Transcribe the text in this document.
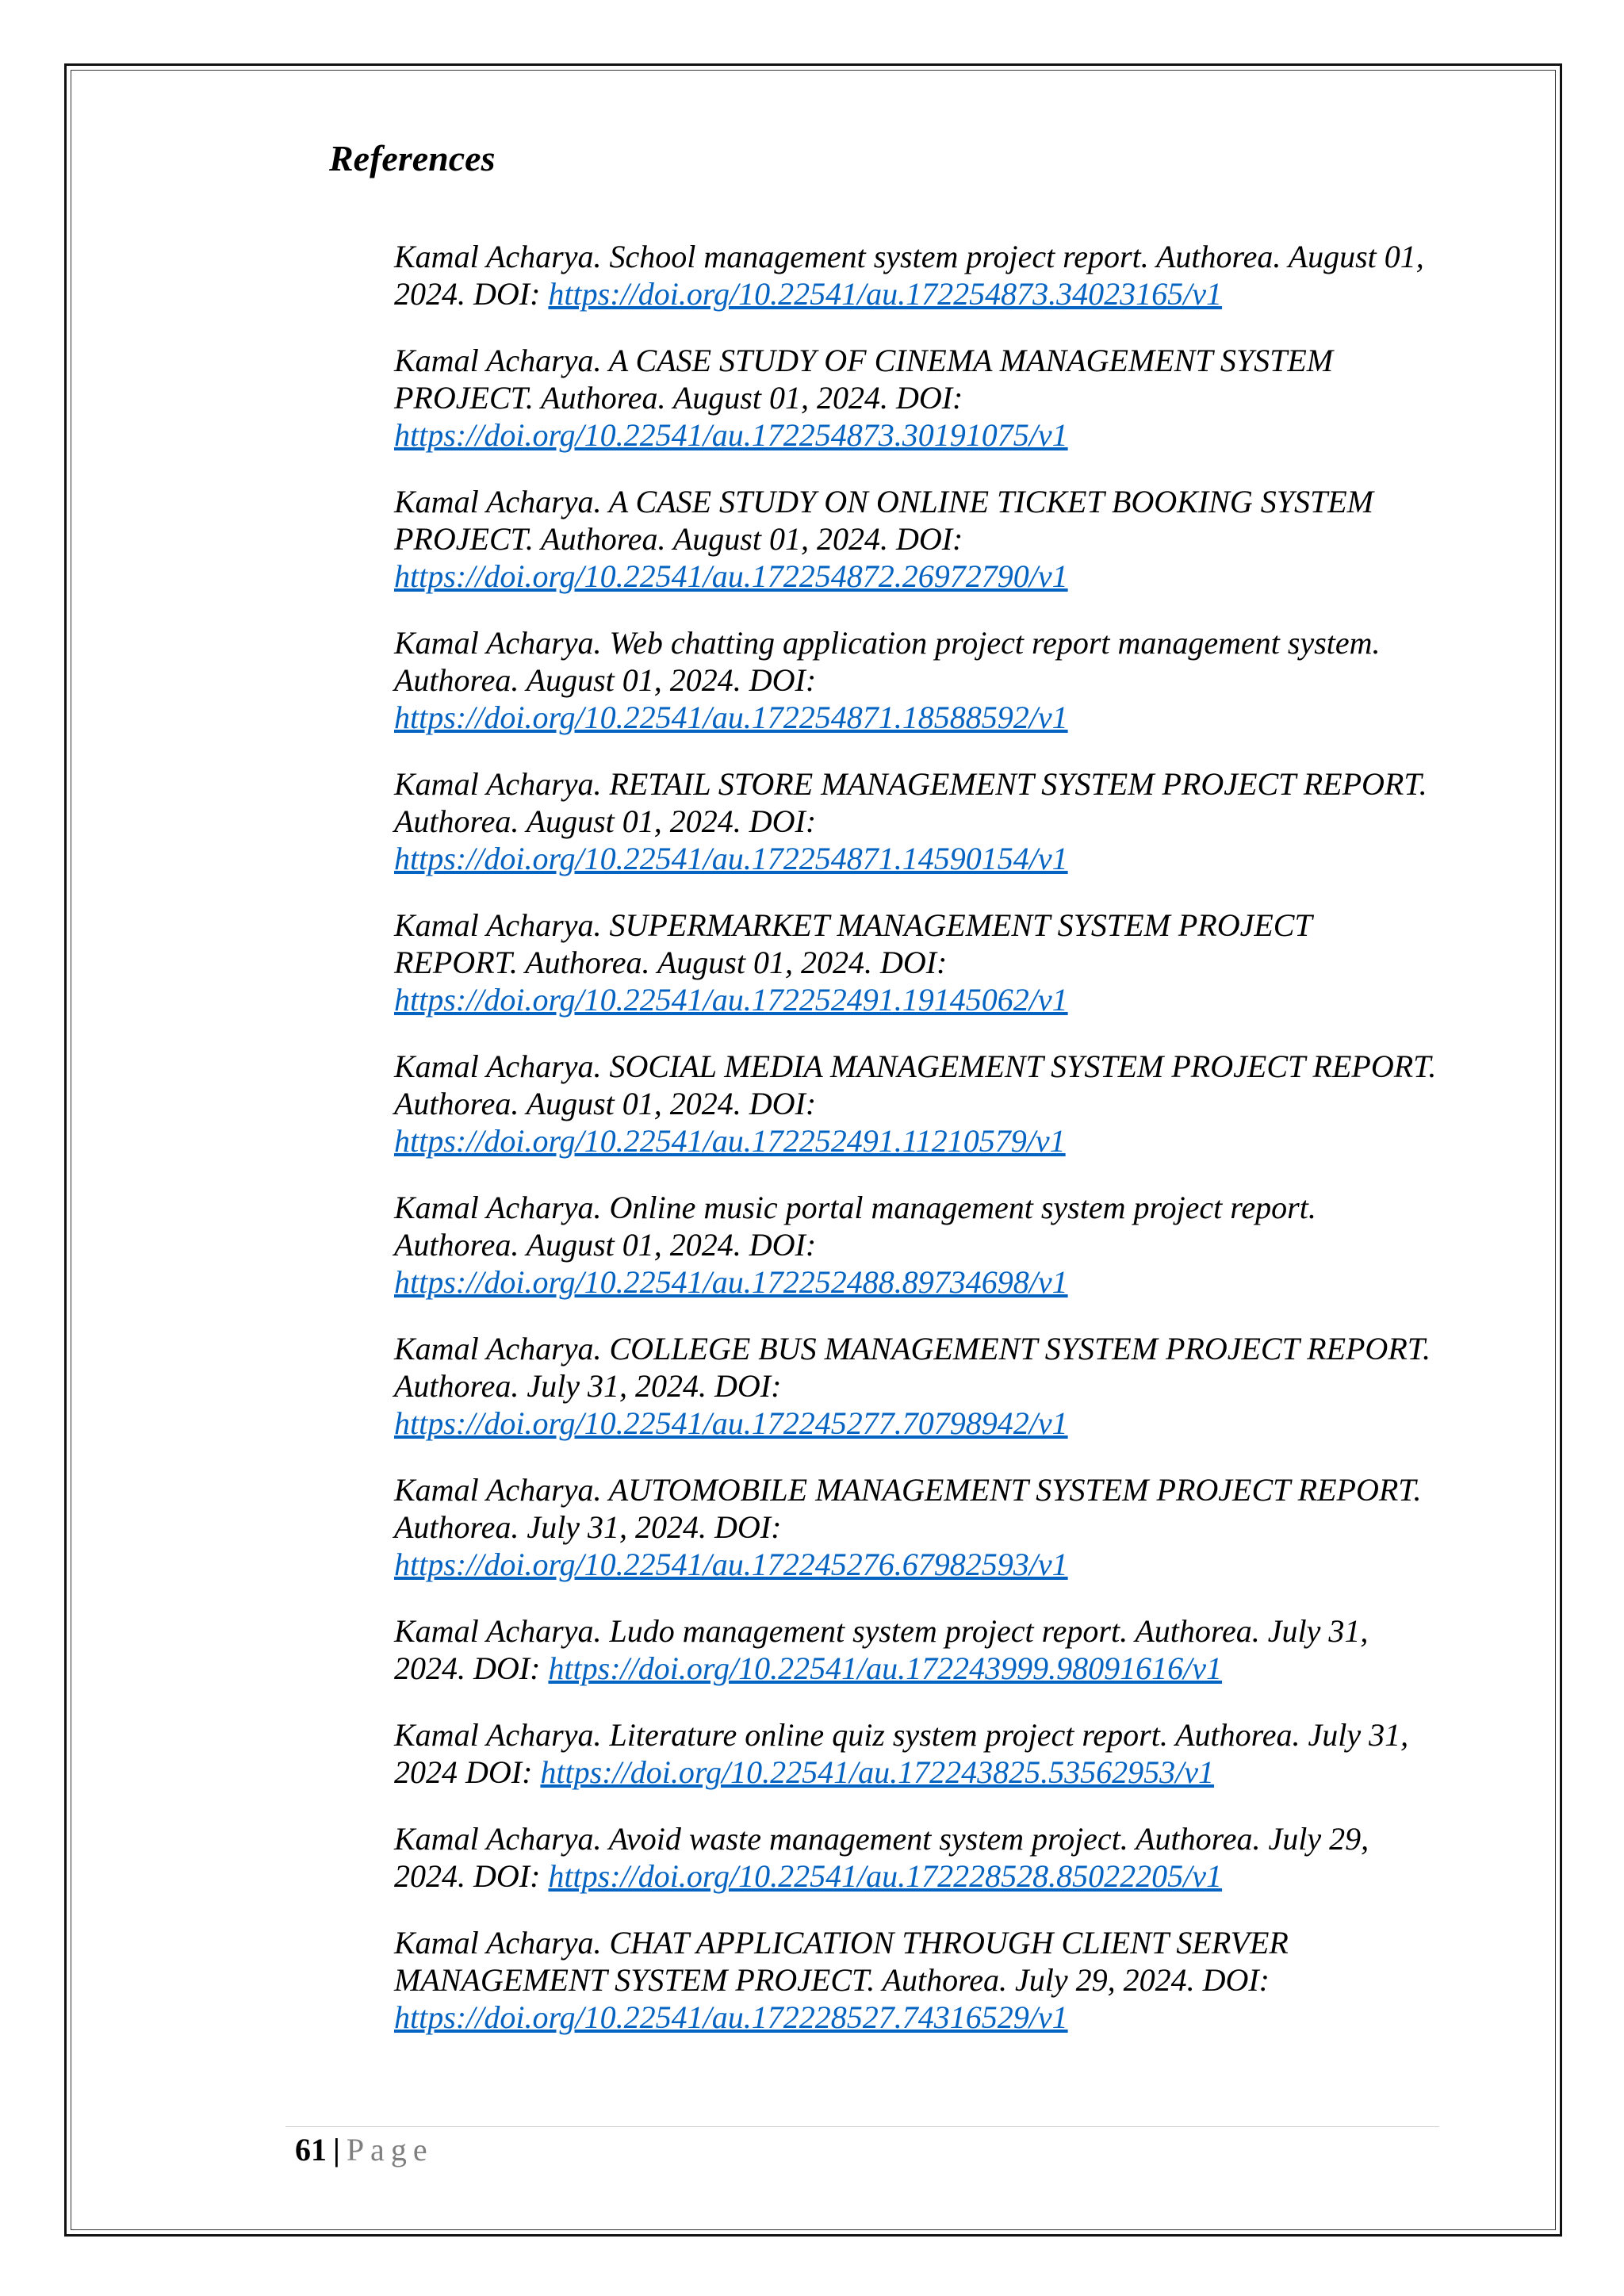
References
Kamal Acharya. School management system project report. Authorea. August 01, 2024. DOI: https://doi.org/10.22541/au.172254873.34023165/v1
Kamal Acharya. A CASE STUDY OF CINEMA MANAGEMENT SYSTEM PROJECT. Authorea. August 01, 2024. DOI: https://doi.org/10.22541/au.172254873.30191075/v1
Kamal Acharya. A CASE STUDY ON ONLINE TICKET BOOKING SYSTEM PROJECT. Authorea. August 01, 2024. DOI: https://doi.org/10.22541/au.172254872.26972790/v1
Kamal Acharya. Web chatting application project report management system. Authorea. August 01, 2024. DOI: https://doi.org/10.22541/au.172254871.18588592/v1
Kamal Acharya. RETAIL STORE MANAGEMENT SYSTEM PROJECT REPORT. Authorea. August 01, 2024. DOI: https://doi.org/10.22541/au.172254871.14590154/v1
Kamal Acharya. SUPERMARKET MANAGEMENT SYSTEM PROJECT REPORT. Authorea. August 01, 2024. DOI: https://doi.org/10.22541/au.172252491.19145062/v1
Kamal Acharya. SOCIAL MEDIA MANAGEMENT SYSTEM PROJECT REPORT. Authorea. August 01, 2024. DOI: https://doi.org/10.22541/au.172252491.11210579/v1
Kamal Acharya. Online music portal management system project report. Authorea. August 01, 2024. DOI: https://doi.org/10.22541/au.172252488.89734698/v1
Kamal Acharya. COLLEGE BUS MANAGEMENT SYSTEM PROJECT REPORT. Authorea. July 31, 2024. DOI: https://doi.org/10.22541/au.172245277.70798942/v1
Kamal Acharya. AUTOMOBILE MANAGEMENT SYSTEM PROJECT REPORT. Authorea. July 31, 2024. DOI: https://doi.org/10.22541/au.172245276.67982593/v1
Kamal Acharya. Ludo management system project report. Authorea. July 31, 2024. DOI: https://doi.org/10.22541/au.172243999.98091616/v1
Kamal Acharya. Literature online quiz system project report. Authorea. July 31, 2024 DOI: https://doi.org/10.22541/au.172243825.53562953/v1
Kamal Acharya. Avoid waste management system project. Authorea. July 29, 2024. DOI: https://doi.org/10.22541/au.172228528.85022205/v1
Kamal Acharya. CHAT APPLICATION THROUGH CLIENT SERVER MANAGEMENT SYSTEM PROJECT. Authorea. July 29, 2024. DOI: https://doi.org/10.22541/au.172228527.74316529/v1
61 | Page
